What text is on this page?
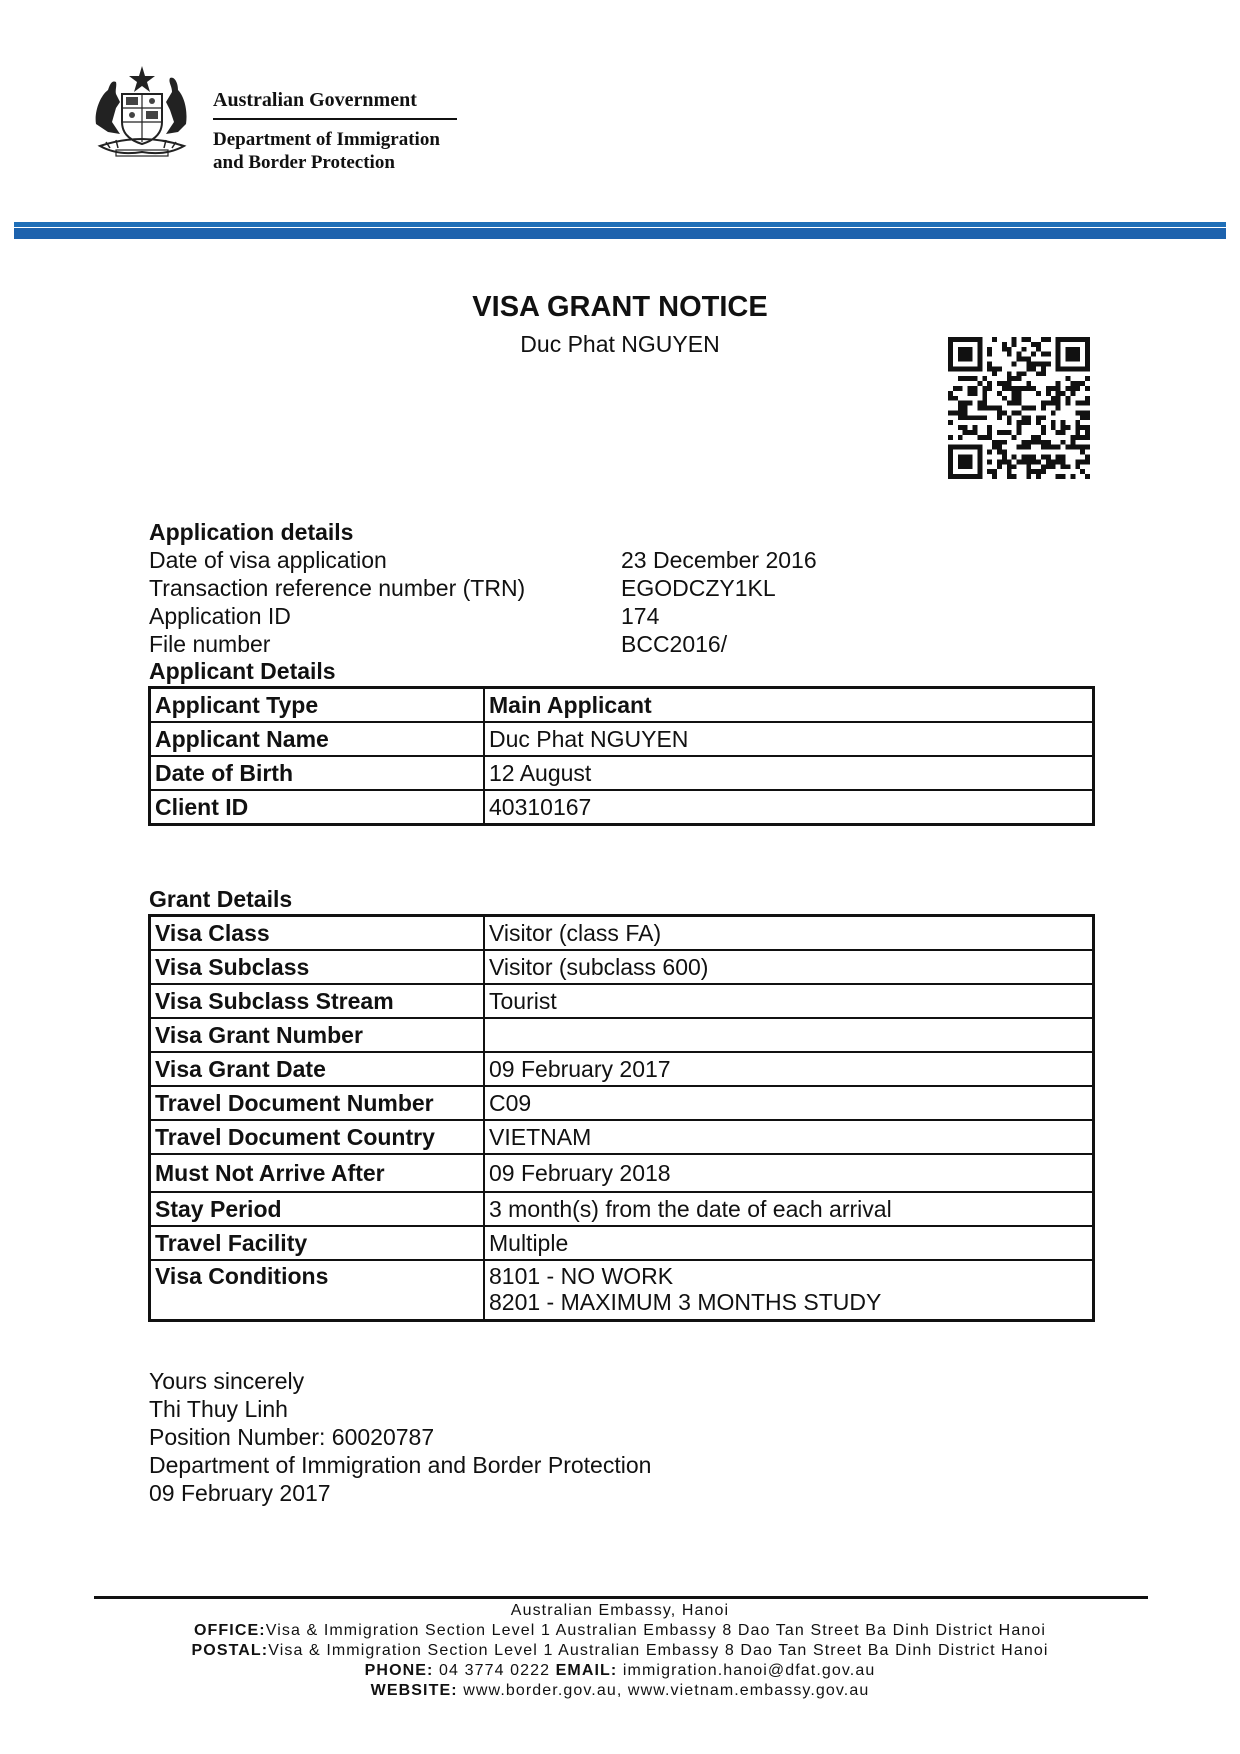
Australian Government
Department of Immigration
and Border Protection
VISA GRANT NOTICE
Duc Phat NGUYEN
Application details
Date of visa application	23 December 2016
Transaction reference number (TRN)	EGODCZY1KL
Application ID	174
File number	BCC2016/
Applicant Details
Applicant Type	Main Applicant
Applicant Name	Duc Phat NGUYEN
Date of Birth	12 August
Client ID	40310167
Grant Details
Visa Class	Visitor (class FA)
Visa Subclass	Visitor (subclass 600)
Visa Subclass Stream	Tourist
Visa Grant Number	
Visa Grant Date	09 February 2017
Travel Document Number	C09
Travel Document Country	VIETNAM
Must Not Arrive After	09 February 2018
Stay Period	3 month(s) from the date of each arrival
Travel Facility	Multiple
Visa Conditions	8101 - NO WORK
8201 - MAXIMUM 3 MONTHS STUDY
Yours sincerely
Thi Thuy Linh
Position Number: 60020787
Department of Immigration and Border Protection
09 February 2017
Australian Embassy, Hanoi
OFFICE:Visa & Immigration Section Level 1 Australian Embassy 8 Dao Tan Street Ba Dinh District Hanoi
POSTAL:Visa & Immigration Section Level 1 Australian Embassy 8 Dao Tan Street Ba Dinh District Hanoi
PHONE: 04 3774 0222 EMAIL: immigration.hanoi@dfat.gov.au
WEBSITE: www.border.gov.au, www.vietnam.embassy.gov.au
